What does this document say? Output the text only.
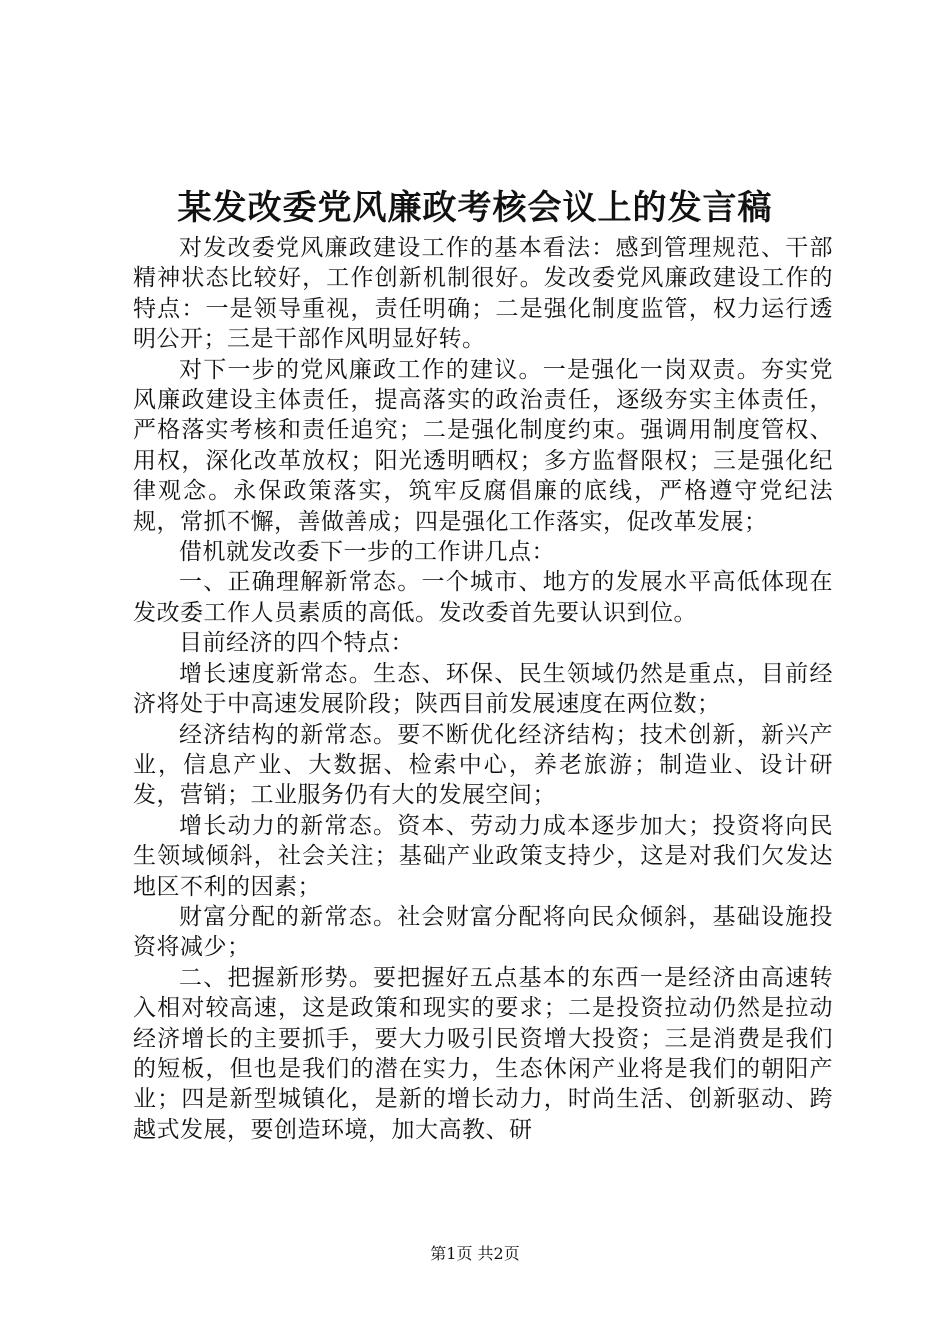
某发改委党风廉政考核会议上的发言稿

对发改委党风廉政建设工作的基本看法：感到管理规范、干部精神状态比较好，工作创新机制很好。发改委党风廉政建设工作的特点：一是领导重视，责任明确；二是强化制度监管，权力运行透明公开；三是干部作风明显好转。

对下一步的党风廉政工作的建议。一是强化一岗双责。夯实党风廉政建设主体责任，提高落实的政治责任，逐级夯实主体责任，严格落实考核和责任追究；二是强化制度约束。强调用制度管权、用权，深化改革放权；阳光透明晒权；多方监督限权；三是强化纪律观念。永保政策落实，筑牢反腐倡廉的底线，严格遵守党纪法规，常抓不懈，善做善成；四是强化工作落实，促改革发展；

借机就发改委下一步的工作讲几点：

一、正确理解新常态。一个城市、地方的发展水平高低体现在发改委工作人员素质的高低。发改委首先要认识到位。

目前经济的四个特点：

增长速度新常态。生态、环保、民生领域仍然是重点，目前经济将处于中高速发展阶段；陕西目前发展速度在两位数；

经济结构的新常态。要不断优化经济结构；技术创新，新兴产业，信息产业、大数据、检索中心，养老旅游；制造业、设计研发，营销；工业服务仍有大的发展空间；

增长动力的新常态。资本、劳动力成本逐步加大；投资将向民生领域倾斜，社会关注；基础产业政策支持少，这是对我们欠发达地区不利的因素；

财富分配的新常态。社会财富分配将向民众倾斜，基础设施投资将减少；

二、把握新形势。要把握好五点基本的东西一是经济由高速转入相对较高速，这是政策和现实的要求；二是投资拉动仍然是拉动经济增长的主要抓手，要大力吸引民资增大投资；三是消费是我们的短板，但也是我们的潜在实力，生态休闲产业将是我们的朝阳产业；四是新型城镇化，是新的增长动力，时尚生活、创新驱动、跨越式发展，要创造环境，加大高教、研

第1页 共2页
